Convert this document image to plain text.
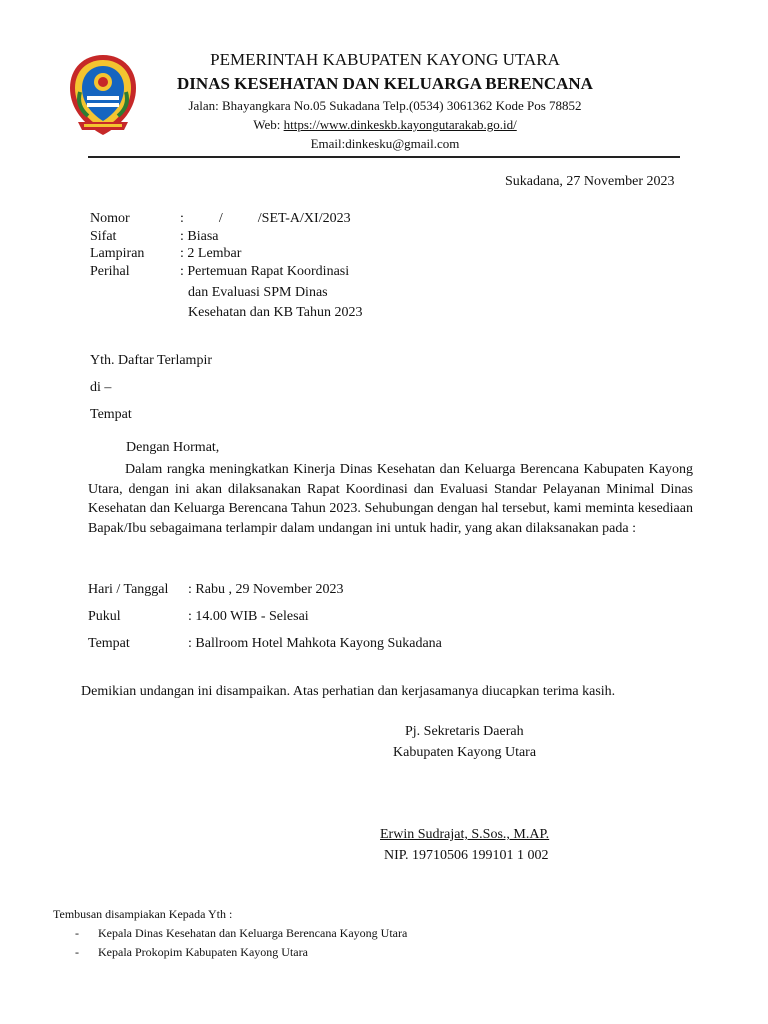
PEMERINTAH KABUPATEN KAYONG UTARA
DINAS KESEHATAN DAN KELUARGA BERENCANA
Jalan: Bhayangkara No.05 Sukadana Telp.(0534) 3061362 Kode Pos 78852
Web: https://www.dinkeskb.kayongutarakab.go.id/
Email:dinkesku@gmail.com
Sukadana, 27 November 2023
Nomor	:          /          /SET-A/XI/2023
Sifat	: Biasa
Lampiran	: 2 Lembar
Perihal	: Pertemuan Rapat Koordinasi
dan Evaluasi SPM Dinas
Kesehatan dan KB Tahun 2023
Yth. Daftar Terlampir
di –
Tempat
Dengan Hormat,
Dalam rangka meningkatkan Kinerja Dinas Kesehatan dan Keluarga Berencana Kabupaten Kayong Utara, dengan ini akan dilaksanakan Rapat Koordinasi dan Evaluasi Standar Pelayanan Minimal Dinas Kesehatan dan Keluarga Berencana Tahun 2023. Sehubungan dengan hal tersebut, kami meminta kesediaan Bapak/Ibu sebagaimana terlampir dalam undangan ini untuk hadir, yang akan dilaksanakan pada :
Hari / Tanggal : Rabu , 29 November 2023
Pukul	: 14.00 WIB - Selesai
Tempat	: Ballroom Hotel Mahkota Kayong Sukadana
Demikian undangan ini disampaikan. Atas perhatian dan kerjasamanya diucapkan terima kasih.
Pj. Sekretaris Daerah
Kabupaten Kayong Utara
Erwin Sudrajat, S.Sos., M.AP.
NIP. 19710506 199101 1 002
Tembusan disampiakan Kepada Yth :
- Kepala Dinas Kesehatan dan Keluarga Berencana Kayong Utara
- Kepala Prokopim Kabupaten Kayong Utara
